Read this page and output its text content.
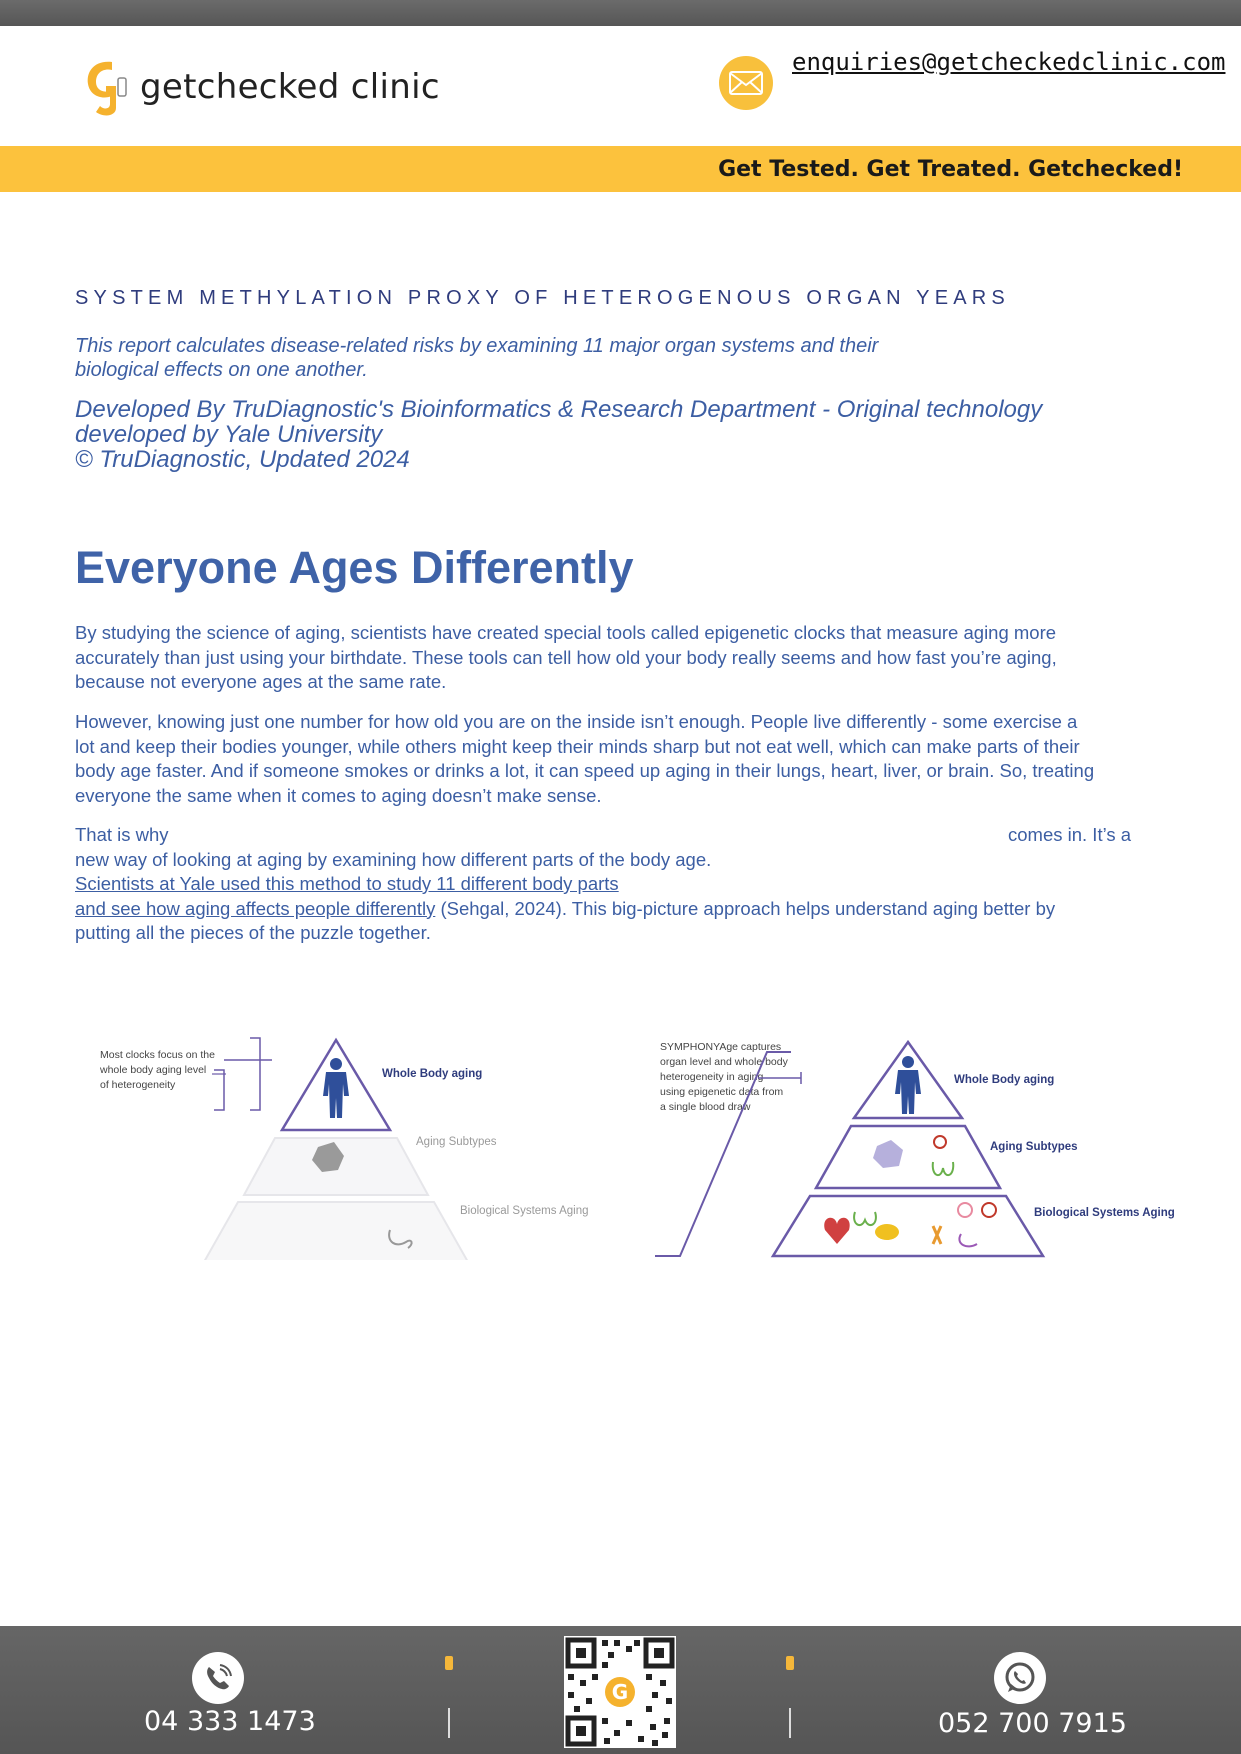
getchecked clinic
enquiries@getcheckedclinic.com
Get Tested. Get Treated. Getchecked!
SYSTEM METHYLATION PROXY OF HETEROGENOUS ORGAN YEARS
This report calculates disease-related risks by examining 11 major organ systems and their
biological effects on one another.
Developed By TruDiagnostic's Bioinformatics & Research Department - Original technology
developed by Yale University
© TruDiagnostic, Updated 2024
Everyone Ages Differently
By studying the science of aging, scientists have created special tools called epigenetic clocks that measure aging more
accurately than just using your birthdate. These tools can tell how old your body really seems and how fast you’re aging,
because not everyone ages at the same rate.
However, knowing just one number for how old you are on the inside isn’t enough. People live differently - some exercise a
lot and keep their bodies younger, while others might keep their minds sharp but not eat well, which can make parts of their
body age faster. And if someone smokes or drinks a lot, it can speed up aging in their lungs, heart, liver, or brain. So, treating
everyone the same when it comes to aging doesn’t make sense.
That is why	comes in. It’s a
new way of looking at aging by examining how different parts of the body age.
Scientists at Yale used this method to study 11 different body parts
and see how aging affects people differently (Sehgal, 2024). This big-picture approach helps understand aging better by
putting all the pieces of the puzzle together.
Most clocks focus on the
whole body aging level
of heterogeneity
Whole Body aging
Aging Subtypes
Biological Systems Aging
SYMPHONYAge captures
organ level and whole body
heterogeneity in aging
using epigenetic data from
a single blood draw
Whole Body aging
Aging Subtypes
Biological Systems Aging
04 333 1473
G
052 700 7915
